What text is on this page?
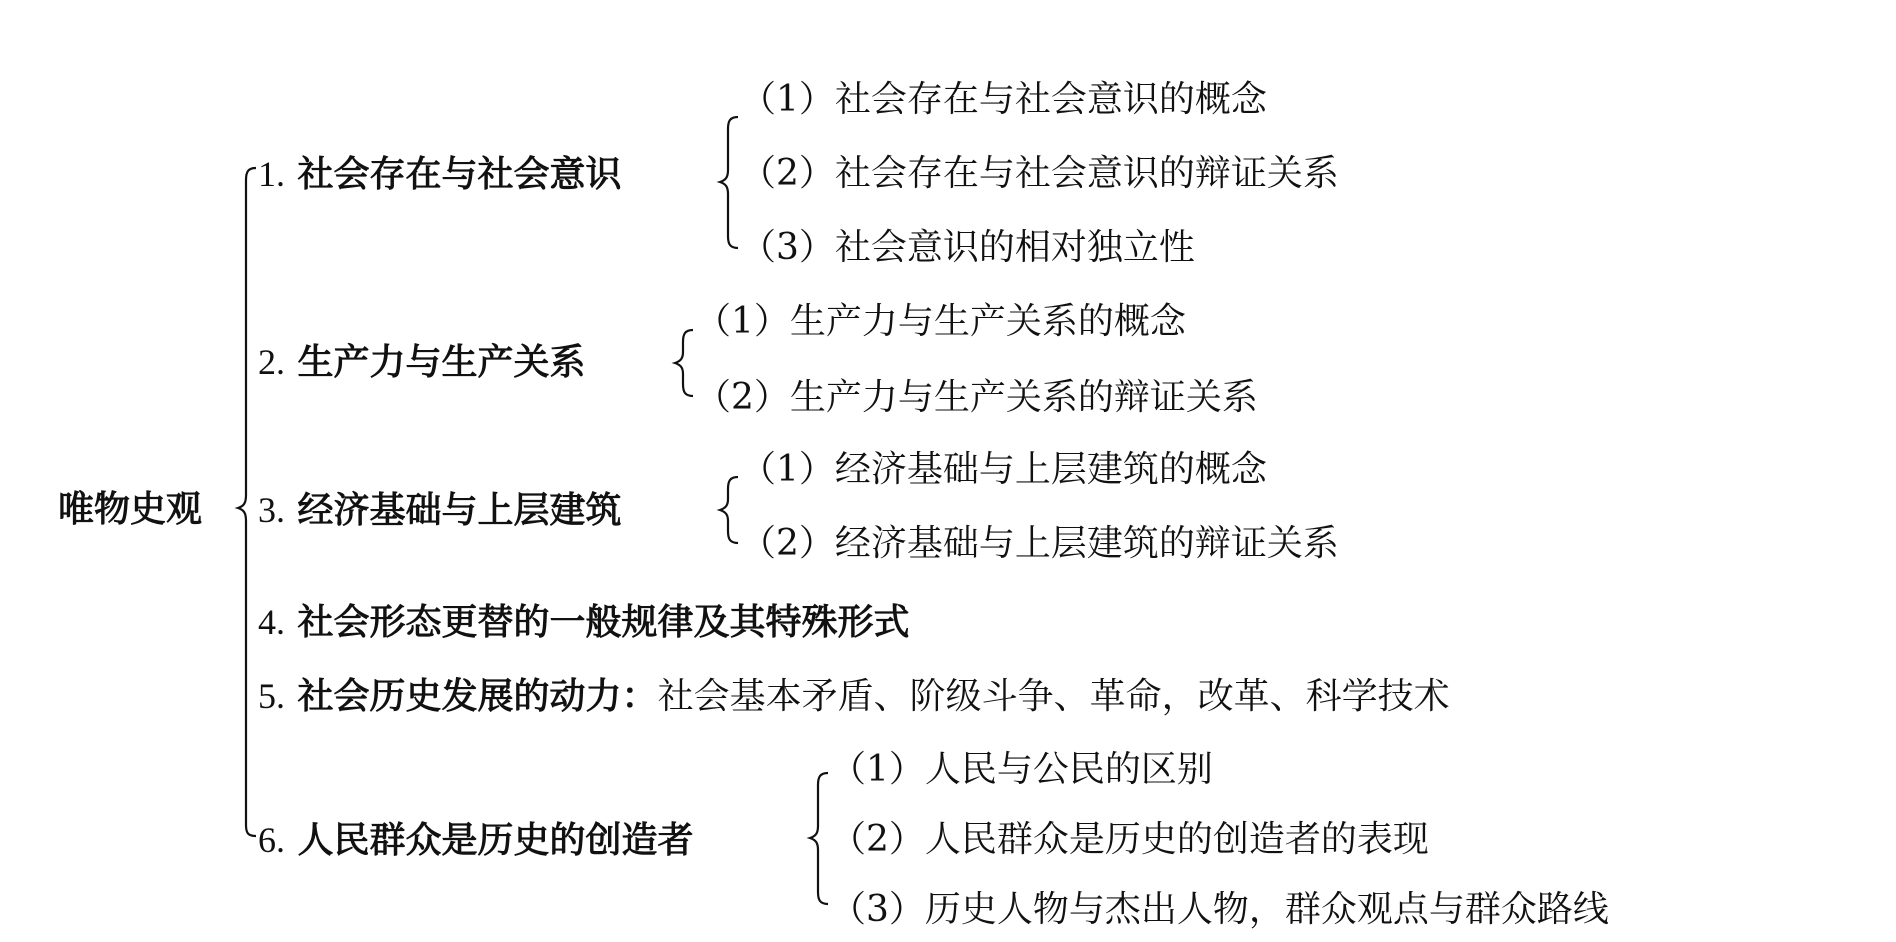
唯物史观
1. 社会存在与社会意识
（1）社会存在与社会意识的概念
（2）社会存在与社会意识的辩证关系
（3）社会意识的相对独立性
2. 生产力与生产关系
（1）生产力与生产关系的概念
（2）生产力与生产关系的辩证关系
3. 经济基础与上层建筑
（1）经济基础与上层建筑的概念
（2）经济基础与上层建筑的辩证关系
4. 社会形态更替的一般规律及其特殊形式
5. 社会历史发展的动力：社会基本矛盾、阶级斗争、革命，改革、科学技术
6. 人民群众是历史的创造者
（1）人民与公民的区别
（2）人民群众是历史的创造者的表现
（3）历史人物与杰出人物，群众观点与群众路线
